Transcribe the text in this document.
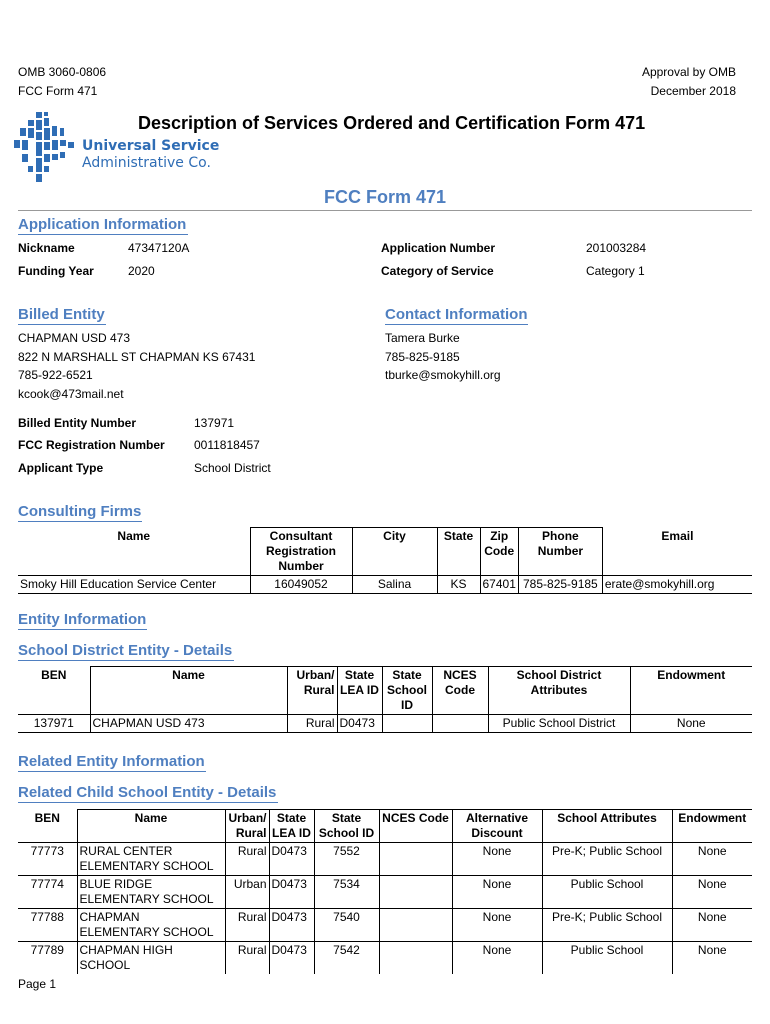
OMB 3060-0806
FCC Form 471
Approval by OMB
December 2018
Universal Service
Administrative Co.
Description of Services Ordered and Certification Form 471
FCC Form 471
Application Information
Nickname	47347120A
Funding Year	2020
Application Number	201003284
Category of Service	Category 1
Billed Entity
CHAPMAN USD 473
822 N MARSHALL ST CHAPMAN KS 67431
785-922-6521
kcook@473mail.net
Billed Entity Number	137971
FCC Registration Number 0011818457
Applicant Type	School District
Contact Information
Tamera Burke
785-825-9185
tburke@smokyhill.org
Consulting Firms
Name	Consultant Registration Number	City	State	Zip Code	Phone Number	Email
Smoky Hill Education Service Center	16049052	Salina	KS	67401	785-825-9185	erate@smokyhill.org
Entity Information
School District Entity - Details
BEN	Name	Urban/ Rural	State LEA ID	State School ID	NCES Code	School District Attributes	Endowment
137971	CHAPMAN USD 473	Rural	D0473			Public School District	None
Related Entity Information
Related Child School Entity - Details
BEN	Name	Urban/ Rural	State LEA ID	State School ID	NCES Code	Alternative Discount	School Attributes	Endowment
77773	RURAL CENTER ELEMENTARY SCHOOL	Rural	D0473	7552		None	Pre-K; Public School	None
77774	BLUE RIDGE ELEMENTARY SCHOOL	Urban	D0473	7534		None	Public School	None
77788	CHAPMAN ELEMENTARY SCHOOL	Rural	D0473	7540		None	Pre-K; Public School	None
77789	CHAPMAN HIGH SCHOOL	Rural	D0473	7542		None	Public School	None
Page 1
